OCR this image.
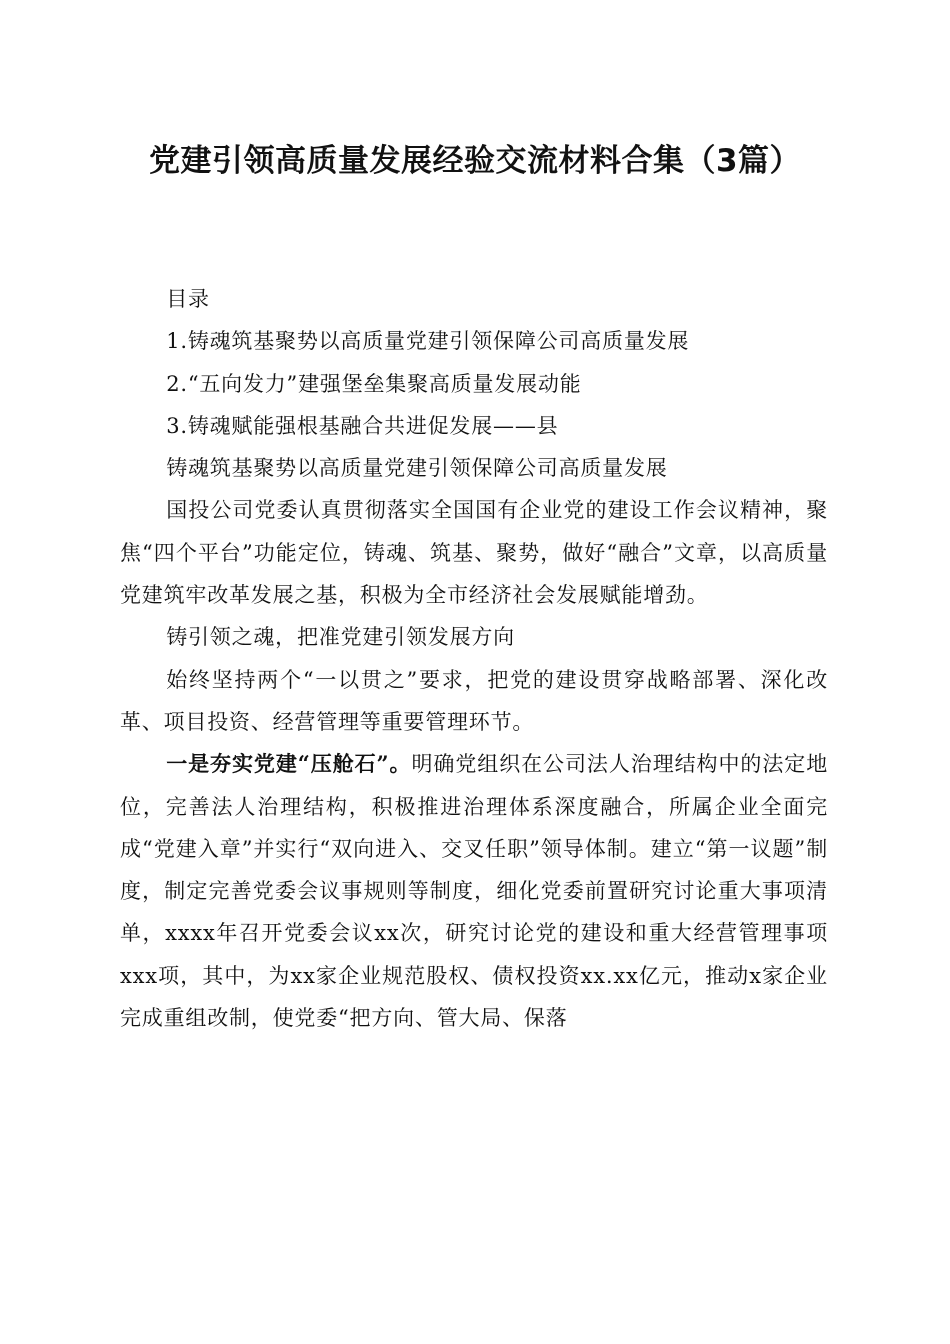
党建引领高质量发展经验交流材料合集（3篇）

目录

1.铸魂筑基聚势以高质量党建引领保障公司高质量发展

2.“五向发力”建强堡垒集聚高质量发展动能

3.铸魂赋能强根基融合共进促发展——县

铸魂筑基聚势以高质量党建引领保障公司高质量发展

国投公司党委认真贯彻落实全国国有企业党的建设工作会议精神，聚焦“四个平台”功能定位，铸魂、筑基、聚势，做好“融合”文章，以高质量党建筑牢改革发展之基，积极为全市经济社会发展赋能增劲。

铸引领之魂，把准党建引领发展方向

始终坚持两个“一以贯之”要求，把党的建设贯穿战略部署、深化改革、项目投资、经营管理等重要管理环节。

一是夯实党建“压舱石”。明确党组织在公司法人治理结构中的法定地位，完善法人治理结构，积极推进治理体系深度融合，所属企业全面完成“党建入章”并实行“双向进入、交叉任职”领导体制。建立“第一议题”制度，制定完善党委会议事规则等制度，细化党委前置研究讨论重大事项清单，xxxx年召开党委会议xx次，研究讨论党的建设和重大经营管理事项xxx项，其中，为xx家企业规范股权、债权投资xx.xx亿元，推动x家企业完成重组改制，使党委“把方向、管大局、保落
